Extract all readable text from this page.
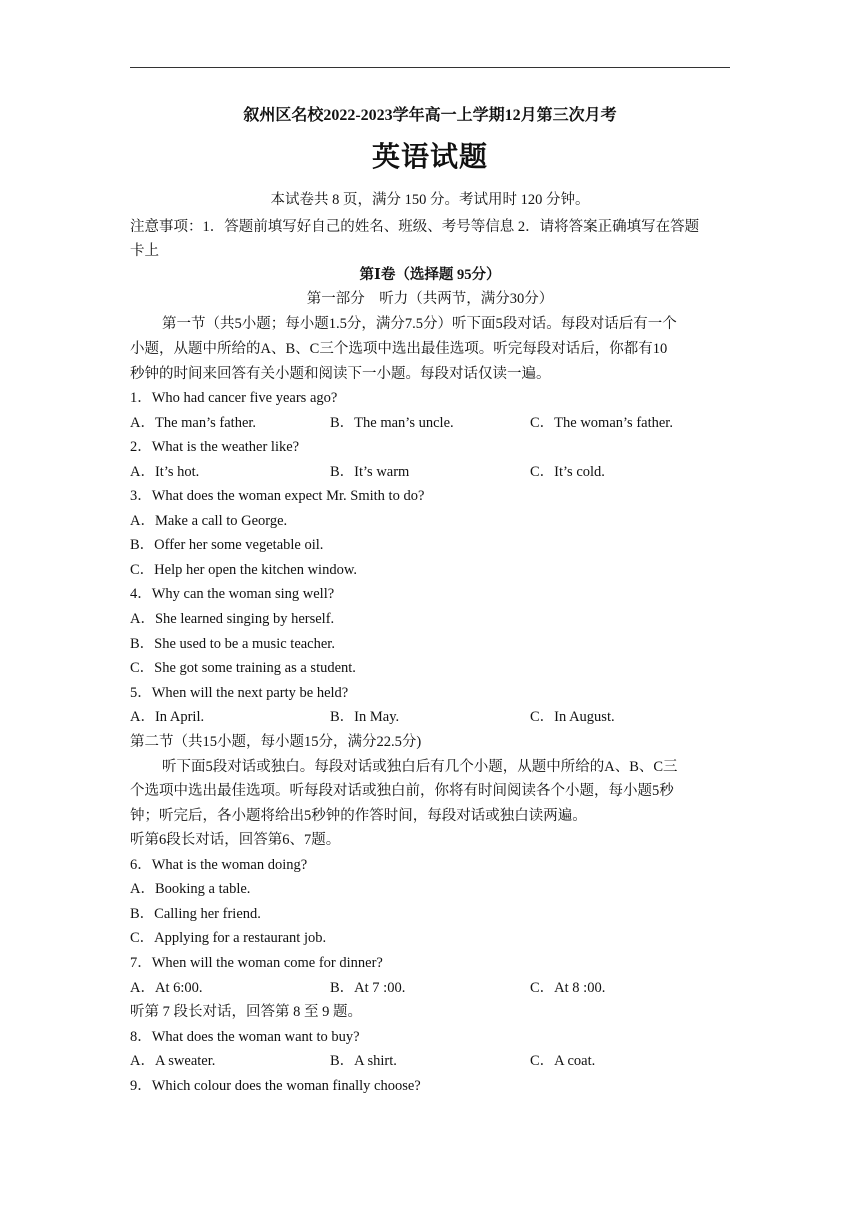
叙州区名校2022-2023学年高一上学期12月第三次月考
英语试题
本试卷共 8 页，满分 150 分。考试用时 120 分钟。
注意事项：1．答题前填写好自己的姓名、班级、考号等信息 2．请将答案正确填写在答题
卡上
第Ⅰ卷（选择题 95分）
第一部分　听力（共两节，满分30分）
第一节（共5小题；每小题1.5分，满分7.5分）听下面5段对话。每段对话后有一个
小题，从题中所给的A、B、C三个选项中选出最佳选项。听完每段对话后，你都有10
秒钟的时间来回答有关小题和阅读下一小题。每段对话仅读一遍。
1．Who had cancer five years ago?
A．The man’s father.	B．The man’s uncle.	C．The woman’s father.
2．What is the weather like?
A．It’s hot.	B．It’s warm	C．It’s cold.
3．What does the woman expect Mr. Smith to do?
A．Make a call to George.
B．Offer her some vegetable oil.
C．Help her open the kitchen window.
4．Why can the woman sing well?
A．She learned singing by herself.
B．She used to be a music teacher.
C．She got some training as a student.
5．When will the next party be held?
A．In April.	B．In May.	C．In August.
第二节（共15小题，每小题15分，满分22.5分)
听下面5段对话或独白。每段对话或独白后有几个小题，从题中所给的A、B、C三
个选项中选出最佳选项。听每段对话或独白前，你将有时间阅读各个小题，每小题5秒
钟；听完后，各小题将给出5秒钟的作答时间，每段对话或独白读两遍。
听第6段长对话，回答第6、7题。
6．What is the woman doing?
A．Booking a table.
B．Calling her friend.
C．Applying for a restaurant job.
7．When will the woman come for dinner?
A．At 6:00.	B．At 7 :00.	C．At 8 :00.
听第 7 段长对话，回答第 8 至 9 题。
8．What does the woman want to buy?
A．A sweater.	B．A shirt.	C．A coat.
9．Which colour does the woman finally choose?
